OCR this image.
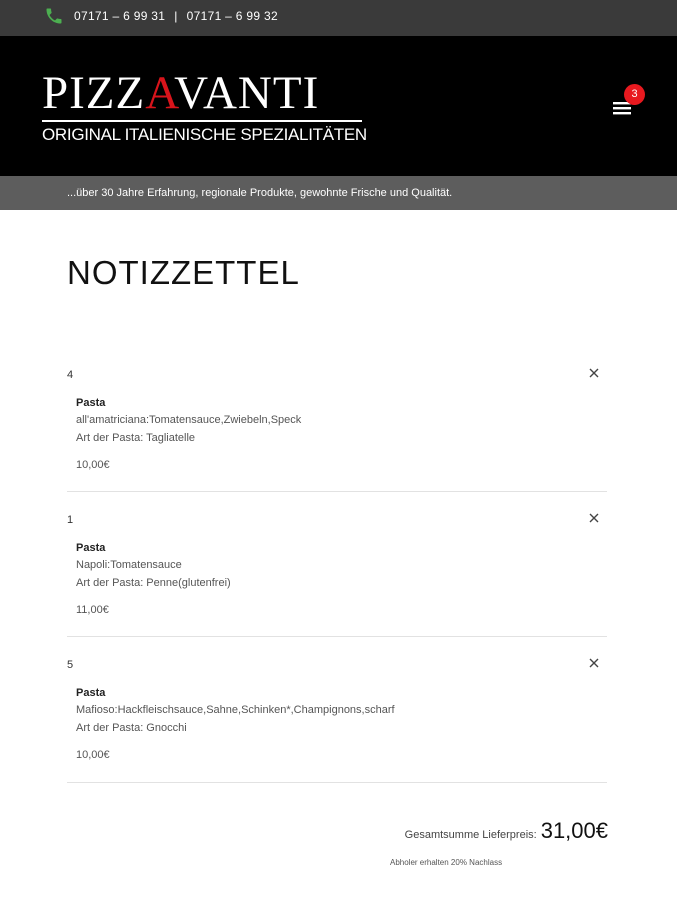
07171 – 6 99 31 | 07171 – 6 99 32
PIZZAVANTI
ORIGINAL ITALIENISCHE SPEZIALITÄTEN
3
...über 30 Jahre Erfahrung, regionale Produkte, gewohnte Frische und Qualität.
NOTIZZETTEL
4
Pasta
all'amatriciana:Tomatensauce,Zwiebeln,Speck
Art der Pasta: Tagliatelle
10,00€
1
Pasta
Napoli:Tomatensauce
Art der Pasta: Penne(glutenfrei)
11,00€
5
Pasta
Mafioso:Hackfleischsauce,Sahne,Schinken*,Champignons,scharf
Art der Pasta: Gnocchi
10,00€
Gesamtsumme Lieferpreis: 31,00€
Abholer erhalten 20% Nachlass
